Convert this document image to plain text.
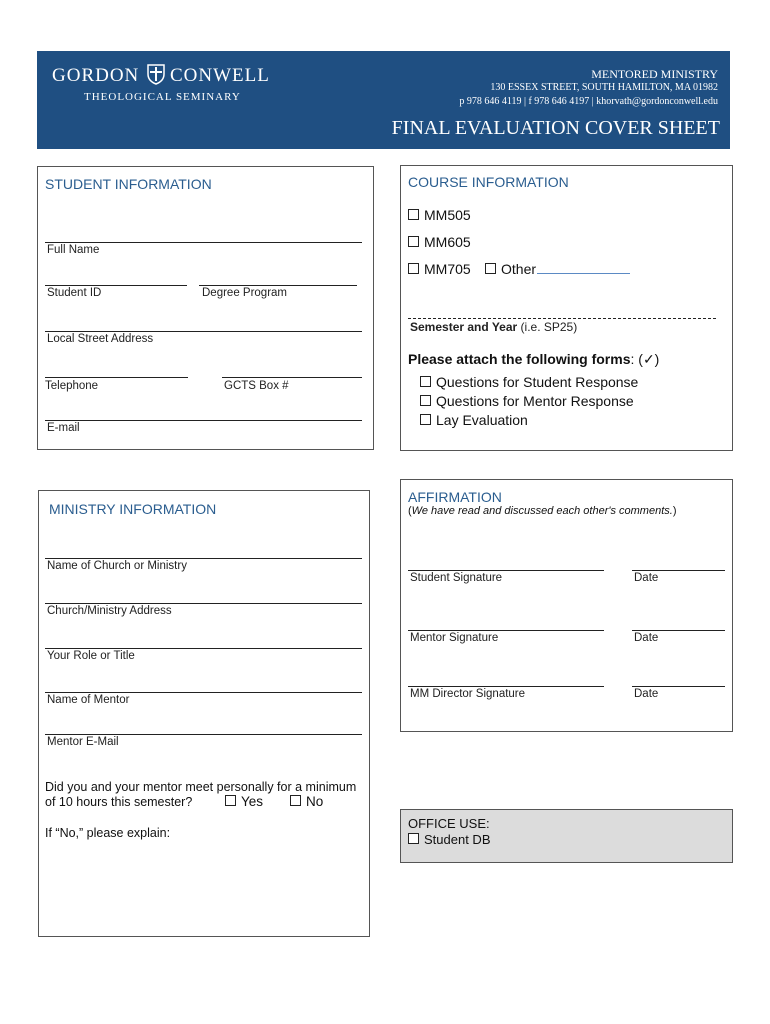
GORDON CONWELL
THEOLOGICAL SEMINARY
MENTORED MINISTRY
130 ESSEX STREET, SOUTH HAMILTON, MA 01982
p 978 646 4119 | f 978 646 4197 | khorvath@gordonconwell.edu
FINAL EVALUATION COVER SHEET
STUDENT INFORMATION
Full Name
Student ID	Degree Program
Local Street Address
Telephone	GCTS Box #
E-mail
COURSE INFORMATION
MM505
MM605
MM705	Other
Semester and Year (i.e. SP25)
Please attach the following forms: (✓)
Questions for Student Response
Questions for Mentor Response
Lay Evaluation
MINISTRY INFORMATION
Name of Church or Ministry
Church/Ministry Address
Your Role or Title
Name of Mentor
Mentor E-Mail
Did you and your mentor meet personally for a minimum
of 10 hours this semester?	Yes	No
If “No,” please explain:
AFFIRMATION
(We have read and discussed each other's comments.)
Student Signature	Date
Mentor Signature	Date
MM Director Signature	Date
OFFICE USE:
Student DB
